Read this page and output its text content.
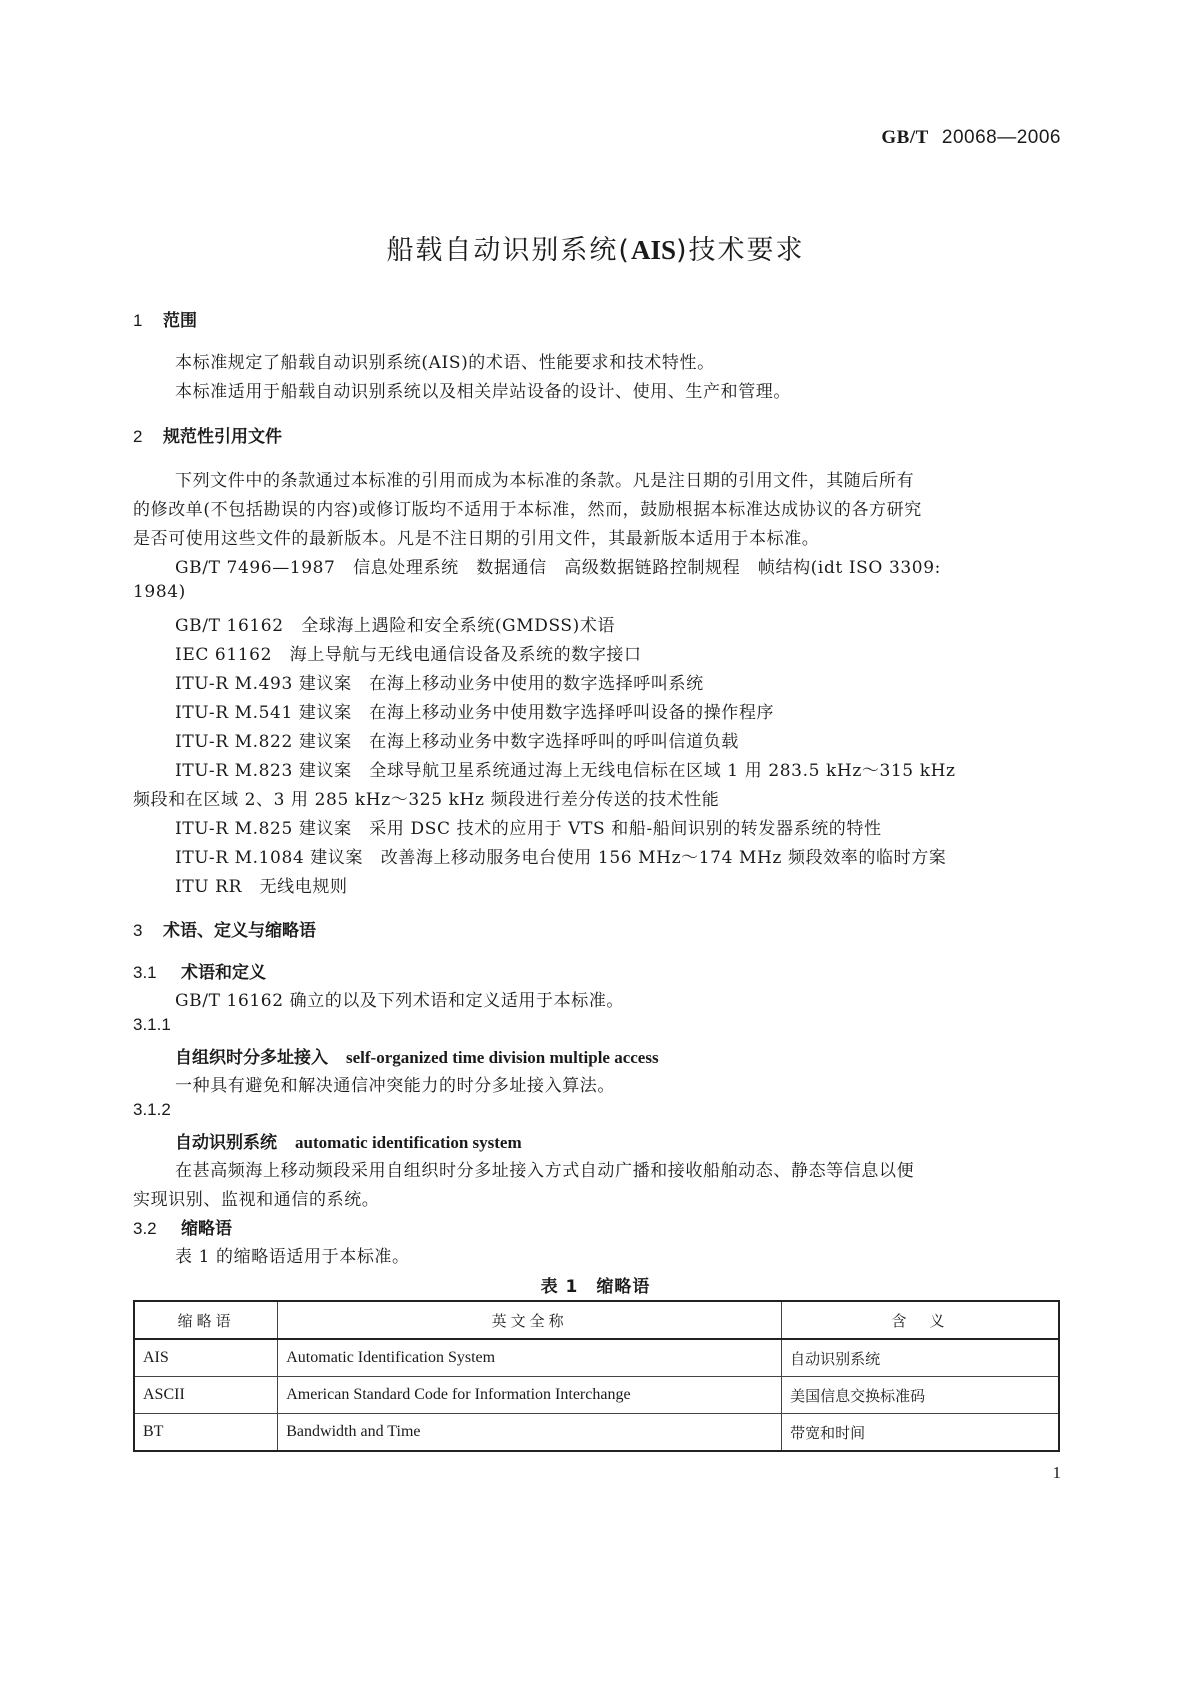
GB/T 20068—2006
船载自动识别系统(AIS)技术要求
1 范围
本标准规定了船载自动识别系统(AIS)的术语、性能要求和技术特性。
本标准适用于船载自动识别系统以及相关岸站设备的设计、使用、生产和管理。
2 规范性引用文件
下列文件中的条款通过本标准的引用而成为本标准的条款。凡是注日期的引用文件，其随后所有
的修改单(不包括勘误的内容)或修订版均不适用于本标准，然而，鼓励根据本标准达成协议的各方研究
是否可使用这些文件的最新版本。凡是不注日期的引用文件，其最新版本适用于本标准。
GB/T 7496—1987　信息处理系统　数据通信　高级数据链路控制规程　帧结构(idt ISO 3309:
1984)
GB/T 16162　全球海上遇险和安全系统(GMDSS)术语
IEC 61162　海上导航与无线电通信设备及系统的数字接口
ITU-R M.493 建议案　在海上移动业务中使用的数字选择呼叫系统
ITU-R M.541 建议案　在海上移动业务中使用数字选择呼叫设备的操作程序
ITU-R M.822 建议案　在海上移动业务中数字选择呼叫的呼叫信道负载
ITU-R M.823 建议案　全球导航卫星系统通过海上无线电信标在区域 1 用 283.5 kHz～315 kHz
频段和在区域 2、3 用 285 kHz～325 kHz 频段进行差分传送的技术性能
ITU-R M.825 建议案　采用 DSC 技术的应用于 VTS 和船-船间识别的转发器系统的特性
ITU-R M.1084 建议案　改善海上移动服务电台使用 156 MHz～174 MHz 频段效率的临时方案
ITU RR　无线电规则
3 术语、定义与缩略语
3.1 术语和定义
GB/T 16162 确立的以及下列术语和定义适用于本标准。
3.1.1
自组织时分多址接入 self-organized time division multiple access
一种具有避免和解决通信冲突能力的时分多址接入算法。
3.1.2
自动识别系统 automatic identification system
在甚高频海上移动频段采用自组织时分多址接入方式自动广播和接收船舶动态、静态等信息以便
实现识别、监视和通信的系统。
3.2 缩略语
表 1 的缩略语适用于本标准。
表 1　缩略语
缩略语	英文全称	含　义
AIS	Automatic Identification System	自动识别系统
ASCII	American Standard Code for Information Interchange	美国信息交换标准码
BT	Bandwidth and Time	带宽和时间
1
